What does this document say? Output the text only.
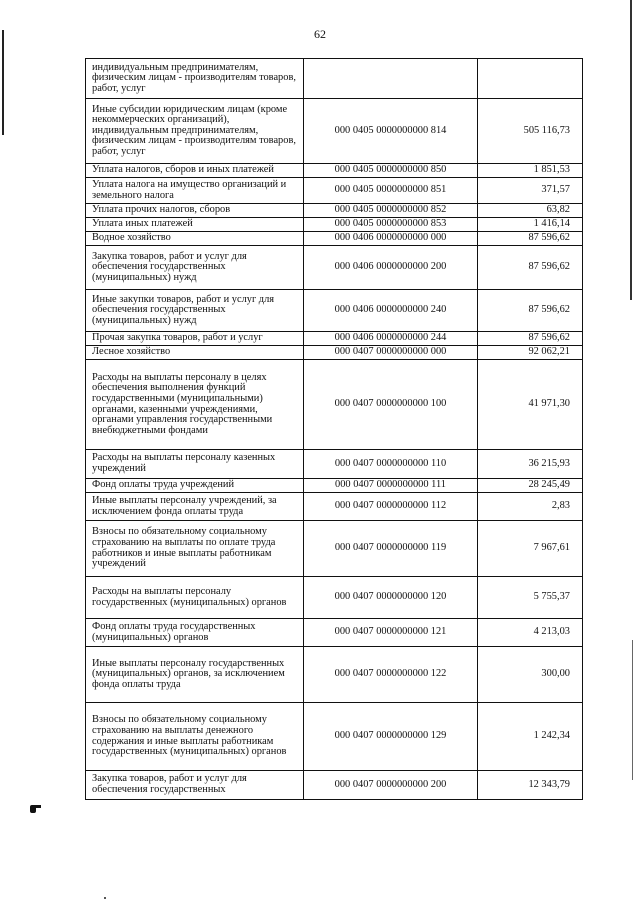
62
индивидуальным предпринимателям, физическим лицам - производителям товаров, работ, услуг		
Иные субсидии юридическим лицам (кроме некоммерческих организаций), индивидуальным предпринимателям, физическим лицам - производителям товаров, работ, услуг	000 0405 0000000000 814	505 116,73
Уплата налогов, сборов и иных платежей	000 0405 0000000000 850	1 851,53
Уплата налога на имущество организаций и земельного налога	000 0405 0000000000 851	371,57
Уплата прочих налогов, сборов	000 0405 0000000000 852	63,82
Уплата иных платежей	000 0405 0000000000 853	1 416,14
Водное хозяйство	000 0406 0000000000 000	87 596,62
Закупка товаров, работ и услуг для обеспечения государственных (муниципальных) нужд	000 0406 0000000000 200	87 596,62
Иные закупки товаров, работ и услуг для обеспечения государственных (муниципальных) нужд	000 0406 0000000000 240	87 596,62
Прочая закупка товаров, работ и услуг	000 0406 0000000000 244	87 596,62
Лесное хозяйство	000 0407 0000000000 000	92 062,21
Расходы на выплаты персоналу в целях обеспечения выполнения функций государственными (муниципальными) органами, казенными учреждениями, органами управления государственными внебюджетными фондами	000 0407 0000000000 100	41 971,30
Расходы на выплаты персоналу казенных учреждений	000 0407 0000000000 110	36 215,93
Фонд оплаты труда учреждений	000 0407 0000000000 111	28 245,49
Иные выплаты персоналу учреждений, за исключением фонда оплаты труда	000 0407 0000000000 112	2,83
Взносы по обязательному социальному страхованию на выплаты по оплате труда работников и иные выплаты работникам учреждений	000 0407 0000000000 119	7 967,61
Расходы на выплаты персоналу государственных (муниципальных) органов	000 0407 0000000000 120	5 755,37
Фонд оплаты труда государственных (муниципальных) органов	000 0407 0000000000 121	4 213,03
Иные выплаты персоналу государственных (муниципальных) органов, за исключением фонда оплаты труда	000 0407 0000000000 122	300,00
Взносы по обязательному социальному страхованию на выплаты денежного содержания и иные выплаты работникам государственных (муниципальных) органов	000 0407 0000000000 129	1 242,34
Закупка товаров, работ и услуг для обеспечения государственных	000 0407 0000000000 200	12 343,79
